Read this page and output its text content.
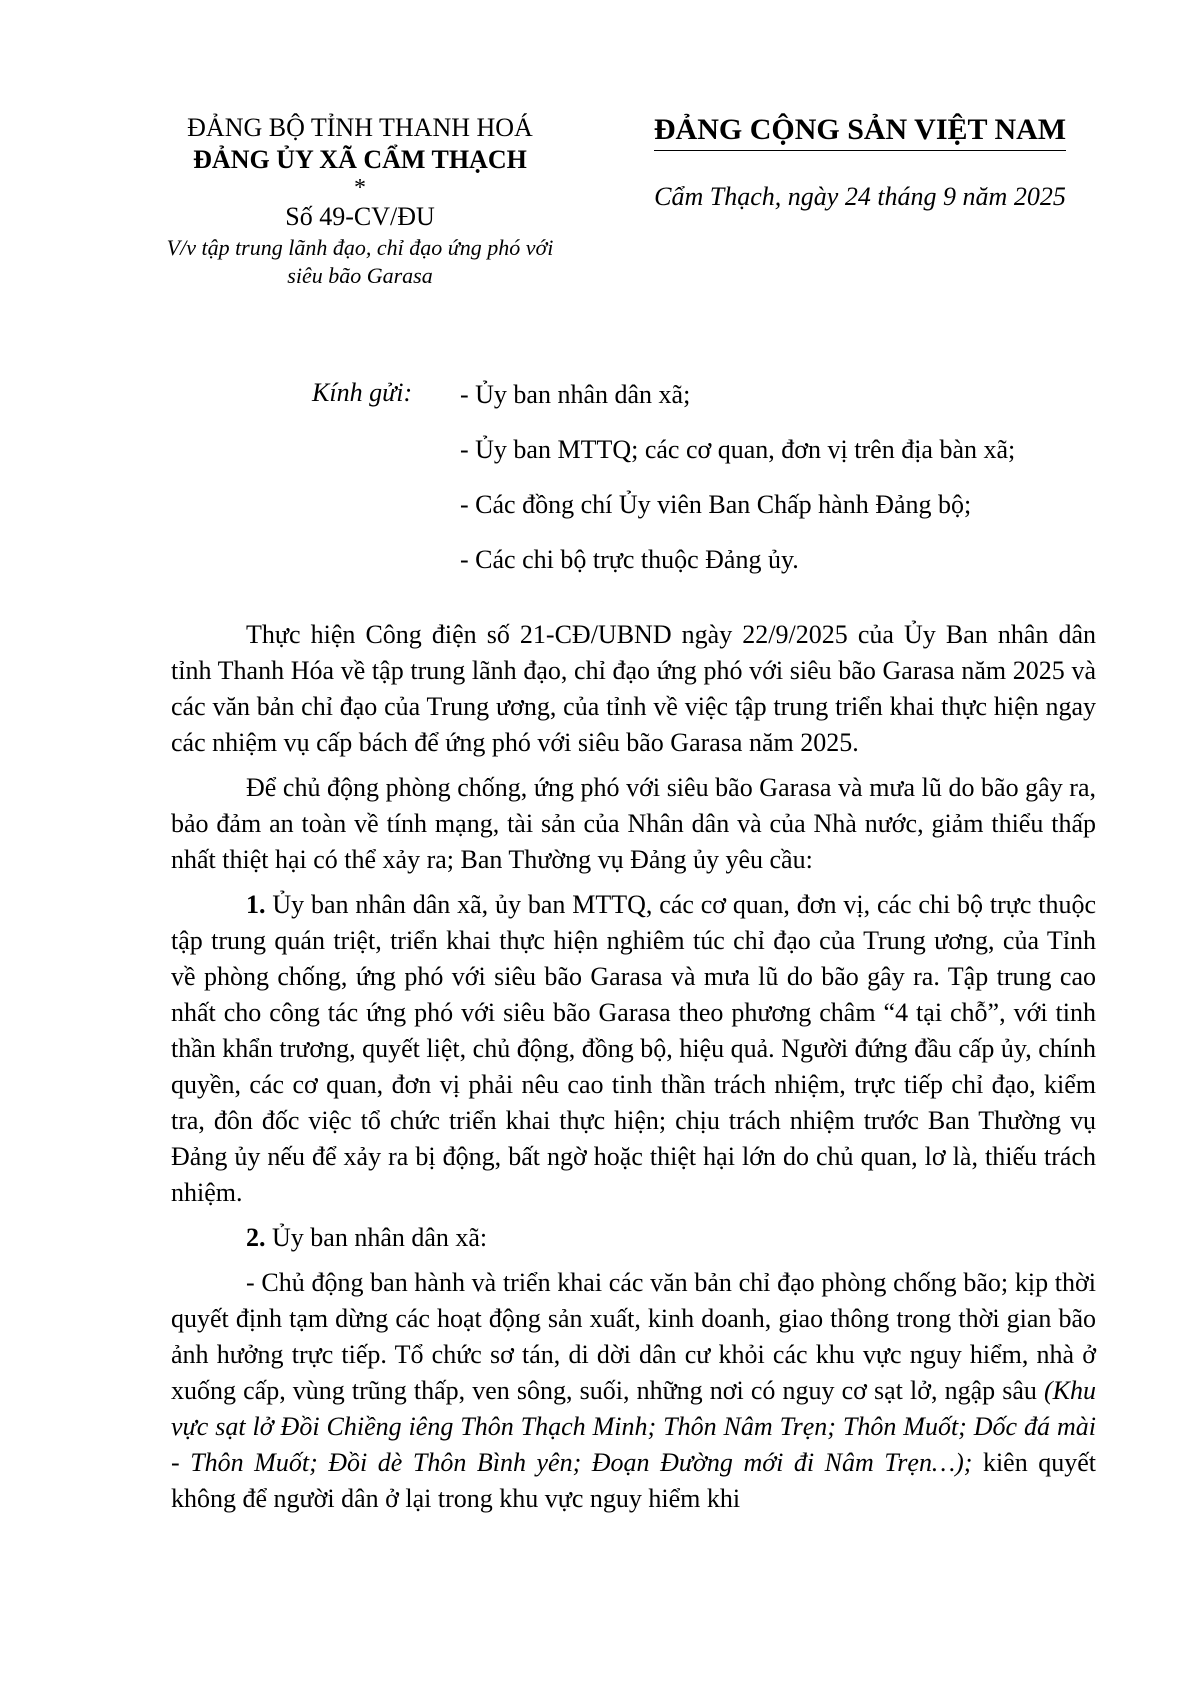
ĐẢNG BỘ TỈNH THANH HOÁ
ĐẢNG ỦY XÃ CẨM THẠCH
*
Số 49-CV/ĐU
V/v tập trung lãnh đạo, chỉ đạo ứng phó với
siêu bão Garasa
ĐẢNG CỘNG SẢN VIỆT NAM
Cẩm Thạch, ngày 24 tháng 9 năm 2025
Kính gửi: - Ủy ban nhân dân xã;
- Ủy ban MTTQ; các cơ quan, đơn vị trên địa bàn xã;
- Các đồng chí Ủy viên Ban Chấp hành Đảng bộ;
- Các chi bộ trực thuộc Đảng ủy.

Thực hiện Công điện số 21-CĐ/UBND ngày 22/9/2025 của Ủy Ban nhân dân tỉnh Thanh Hóa về tập trung lãnh đạo, chỉ đạo ứng phó với siêu bão Garasa năm 2025 và các văn bản chỉ đạo của Trung ương, của tỉnh về việc tập trung triển khai thực hiện ngay các nhiệm vụ cấp bách để ứng phó với siêu bão Garasa năm 2025.

Để chủ động phòng chống, ứng phó với siêu bão Garasa và mưa lũ do bão gây ra, bảo đảm an toàn về tính mạng, tài sản của Nhân dân và của Nhà nước, giảm thiểu thấp nhất thiệt hại có thể xảy ra; Ban Thường vụ Đảng ủy yêu cầu:

1. Ủy ban nhân dân xã, ủy ban MTTQ, các cơ quan, đơn vị, các chi bộ trực thuộc tập trung quán triệt, triển khai thực hiện nghiêm túc chỉ đạo của Trung ương, của Tỉnh về phòng chống, ứng phó với siêu bão Garasa và mưa lũ do bão gây ra. Tập trung cao nhất cho công tác ứng phó với siêu bão Garasa theo phương châm “4 tại chỗ”, với tinh thần khẩn trương, quyết liệt, chủ động, đồng bộ, hiệu quả. Người đứng đầu cấp ủy, chính quyền, các cơ quan, đơn vị phải nêu cao tinh thần trách nhiệm, trực tiếp chỉ đạo, kiểm tra, đôn đốc việc tổ chức triển khai thực hiện; chịu trách nhiệm trước Ban Thường vụ Đảng ủy nếu để xảy ra bị động, bất ngờ hoặc thiệt hại lớn do chủ quan, lơ là, thiếu trách nhiệm.

2. Ủy ban nhân dân xã:

- Chủ động ban hành và triển khai các văn bản chỉ đạo phòng chống bão; kịp thời quyết định tạm dừng các hoạt động sản xuất, kinh doanh, giao thông trong thời gian bão ảnh hưởng trực tiếp. Tổ chức sơ tán, di dời dân cư khỏi các khu vực nguy hiểm, nhà ở xuống cấp, vùng trũng thấp, ven sông, suối, những nơi có nguy cơ sạt lở, ngập sâu (Khu vực sạt lở Đồi Chiềng iêng Thôn Thạch Minh; Thôn Nâm Trẹn; Thôn Muốt; Dốc đá mài - Thôn Muốt; Đồi dè Thôn Bình yên; Đoạn Đường mới đi Nâm Trẹn…); kiên quyết không để người dân ở lại trong khu vực nguy hiểm khi
